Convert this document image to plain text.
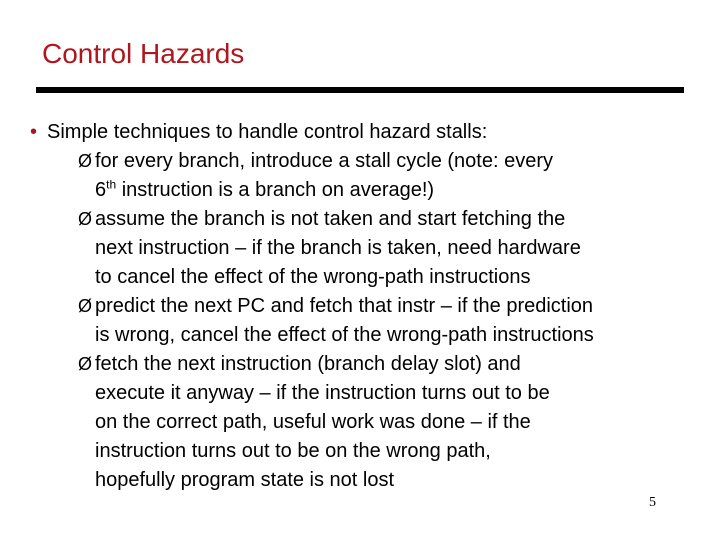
Control Hazards
• Simple techniques to handle control hazard stalls:
Ø for every branch, introduce a stall cycle (note: every
6th instruction is a branch on average!)
Ø assume the branch is not taken and start fetching the
next instruction – if the branch is taken, need hardware
to cancel the effect of the wrong-path instructions
Ø predict the next PC and fetch that instr – if the prediction
is wrong, cancel the effect of the wrong-path instructions
Ø fetch the next instruction (branch delay slot) and
execute it anyway – if the instruction turns out to be
on the correct path, useful work was done – if the
instruction turns out to be on the wrong path,
hopefully program state is not lost
5
